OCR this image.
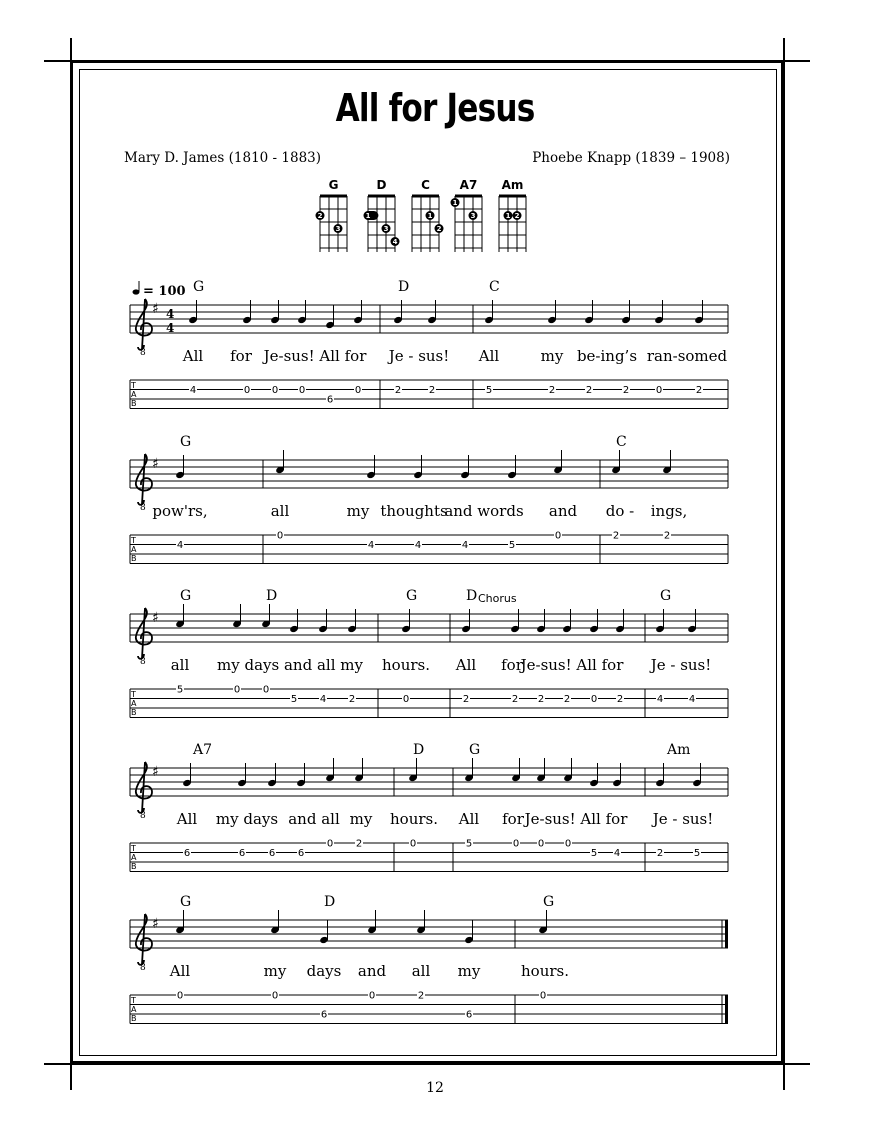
All for Jesus
Mary D. James (1810 - 1883)	Phoebe Knapp (1839 – 1908)
12
G
2
3
D
1
3
4
C
1
2
A7
1
3
Am
1 2
8
♯ 4
4
G	D	C
All for Je-sus! All for Je - sus! All	my be-ing’s ran-somed
T
A
B
4	0 0 0
6
0	2	2	5	2	2	2	0	2
8
♯
G	C
pow'rs,	all	my thoughts
and words and do - ings,
T
A
B
4
0
4	4	4	5
0	2	2
8
♯
G	D	G	D	G
all my days and all my hours. All for
Je-sus! All for Je - sus!
T
A
B
5	0 0
5 4 2	0	2	2 2 2 0 2	4	4
8
♯
A7	D	G	Am
All my days and all my hours. All for Je-sus! All for Je - sus!
T
A
B
6	6 6 6
0 2	0	5	0 0 0
5 4	2	5
8
♯
G	D	G
All	my days and all my	hours.
T
A
B
0	0
6
0	2
6
0
= 100
Chorus
